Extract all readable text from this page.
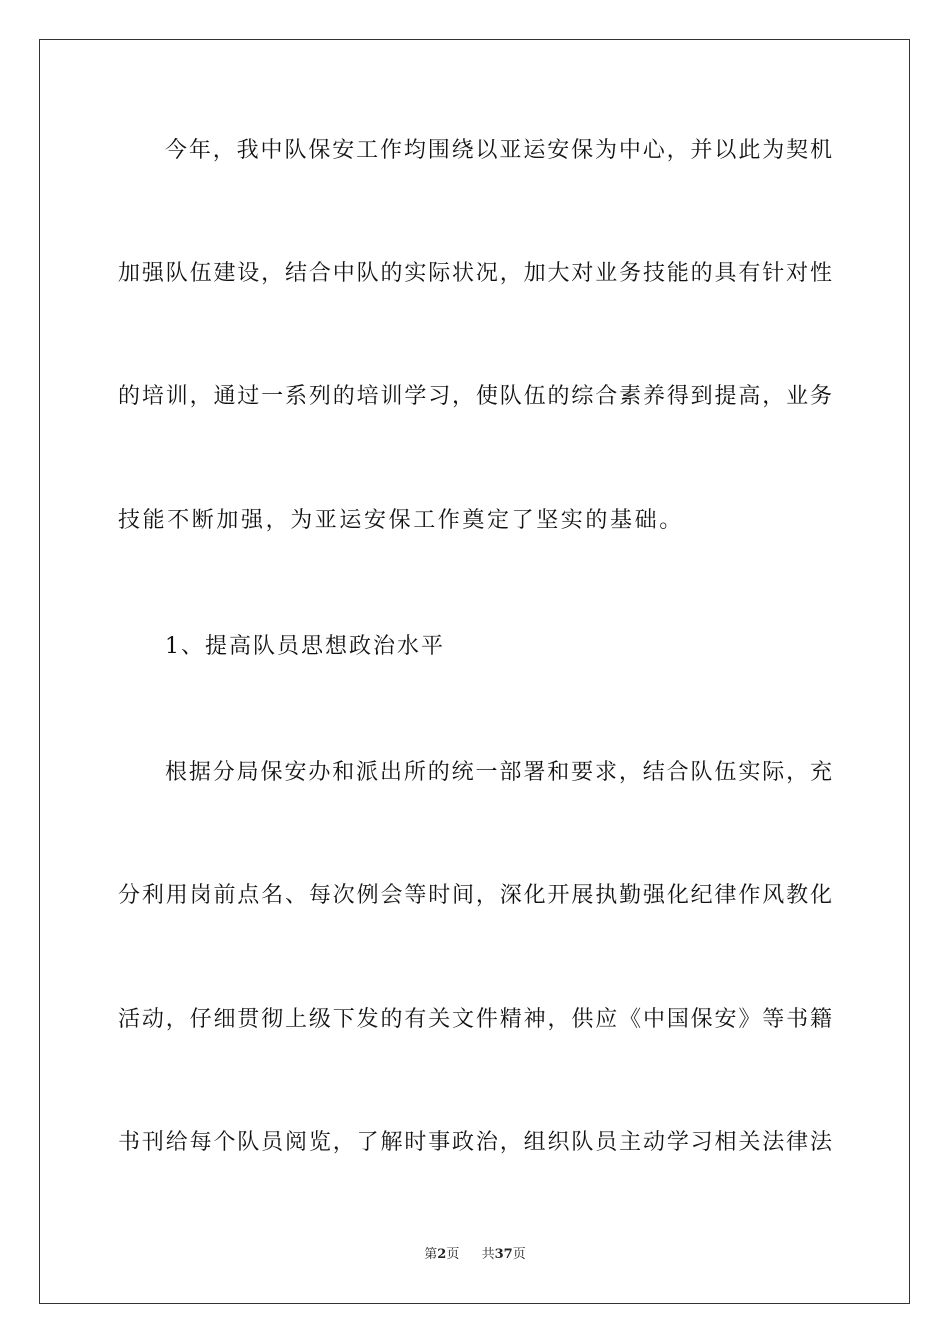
今年，我中队保安工作均围绕以亚运安保为中心，并以此为契机
加强队伍建设，结合中队的实际状况，加大对业务技能的具有针对性
的培训，通过一系列的培训学习，使队伍的综合素养得到提高，业务
技能不断加强，为亚运安保工作奠定了坚实的基础。
1、提高队员思想政治水平
根据分局保安办和派出所的统一部署和要求，结合队伍实际，充
分利用岗前点名、每次例会等时间，深化开展执勤强化纪律作风教化
活动，仔细贯彻上级下发的有关文件精神，供应《中国保安》等书籍
书刊给每个队员阅览，了解时事政治，组织队员主动学习相关法律法
第2页 共37页
